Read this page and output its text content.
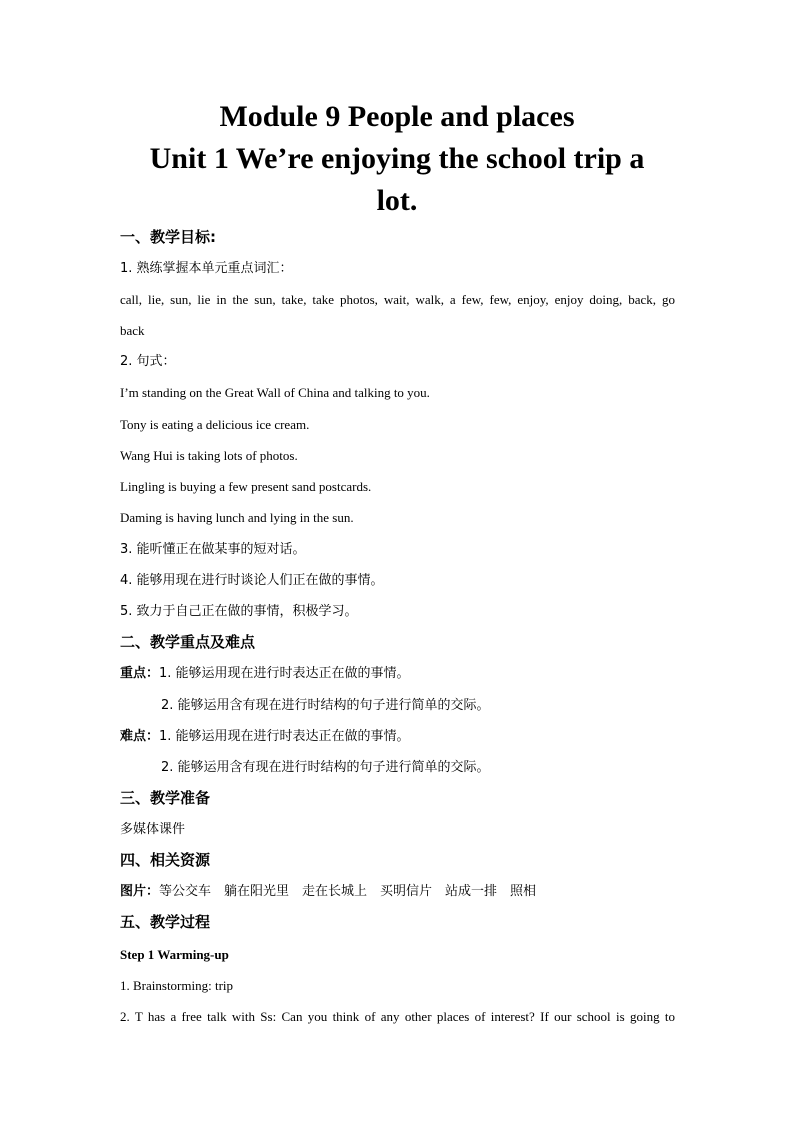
Module 9 People and places
Unit 1 We’re enjoying the school trip a
lot.
一、教学目标:
1. 熟练掌握本单元重点词汇：
call, lie, sun, lie in the sun, take, take photos, wait, walk, a few, few, enjoy, enjoy doing, back, go
back
2. 句式：
I’m standing on the Great Wall of China and talking to you.
Tony is eating a delicious ice cream.
Wang Hui is taking lots of photos.
Lingling is buying a few present sand postcards.
Daming is having lunch and lying in the sun.
3. 能听懂正在做某事的短对话。
4. 能够用现在进行时谈论人们正在做的事情。
5. 致力于自己正在做的事情，积极学习。
二、教学重点及难点
重点：1. 能够运用现在进行时表达正在做的事情。
2. 能够运用含有现在进行时结构的句子进行简单的交际。
难点：1. 能够运用现在进行时表达正在做的事情。
2. 能够运用含有现在进行时结构的句子进行简单的交际。
三、教学准备
多媒体课件
四、相关资源
图片：等公交车　躺在阳光里　走在长城上　买明信片　站成一排　照相
五、教学过程
Step 1 Warming-up
1. Brainstorming: trip
2. T has a free talk with Ss: Can you think of any other places of interest? If our school is going to
